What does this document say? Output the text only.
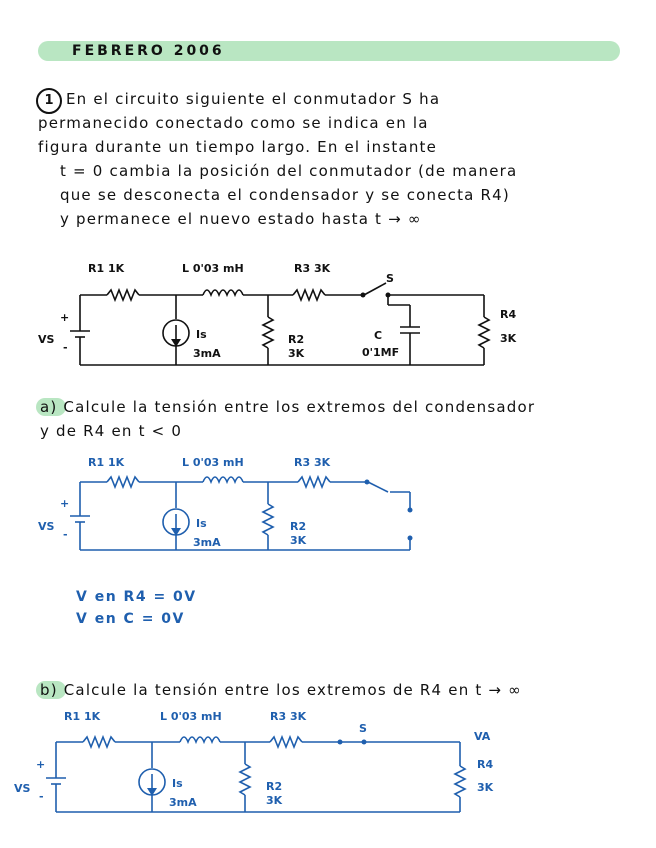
FEBRERO 2006
1 En el circuito siguiente el conmutador S ha
permanecido conectado como se indica en la
figura durante un tiempo largo. En el instante
t = 0 cambia la posición del conmutador (de manera
que se desconecta el condensador y se conecta R4)
y permanece el nuevo estado hasta t → ∞
R1 1K	L 0'03 mH	R3 3K
S
R4
3K
VS
+
-
Is
3mA
R2
3K
C
0'1MF
a) Calcule la tensión entre los extremos del condensador
y de R4 en t < 0
R1 1K	L 0'03 mH	R3 3K
VS
+
-
Is
3mA
R2
3K
V en R4 = 0V
V en C = 0V
b) Calcule la tensión entre los extremos de R4 en t → ∞
R1 1K	L 0'03 mH	R3 3K
S
VA
R4
3K
VS
+
-
Is
3mA
R2
3K
